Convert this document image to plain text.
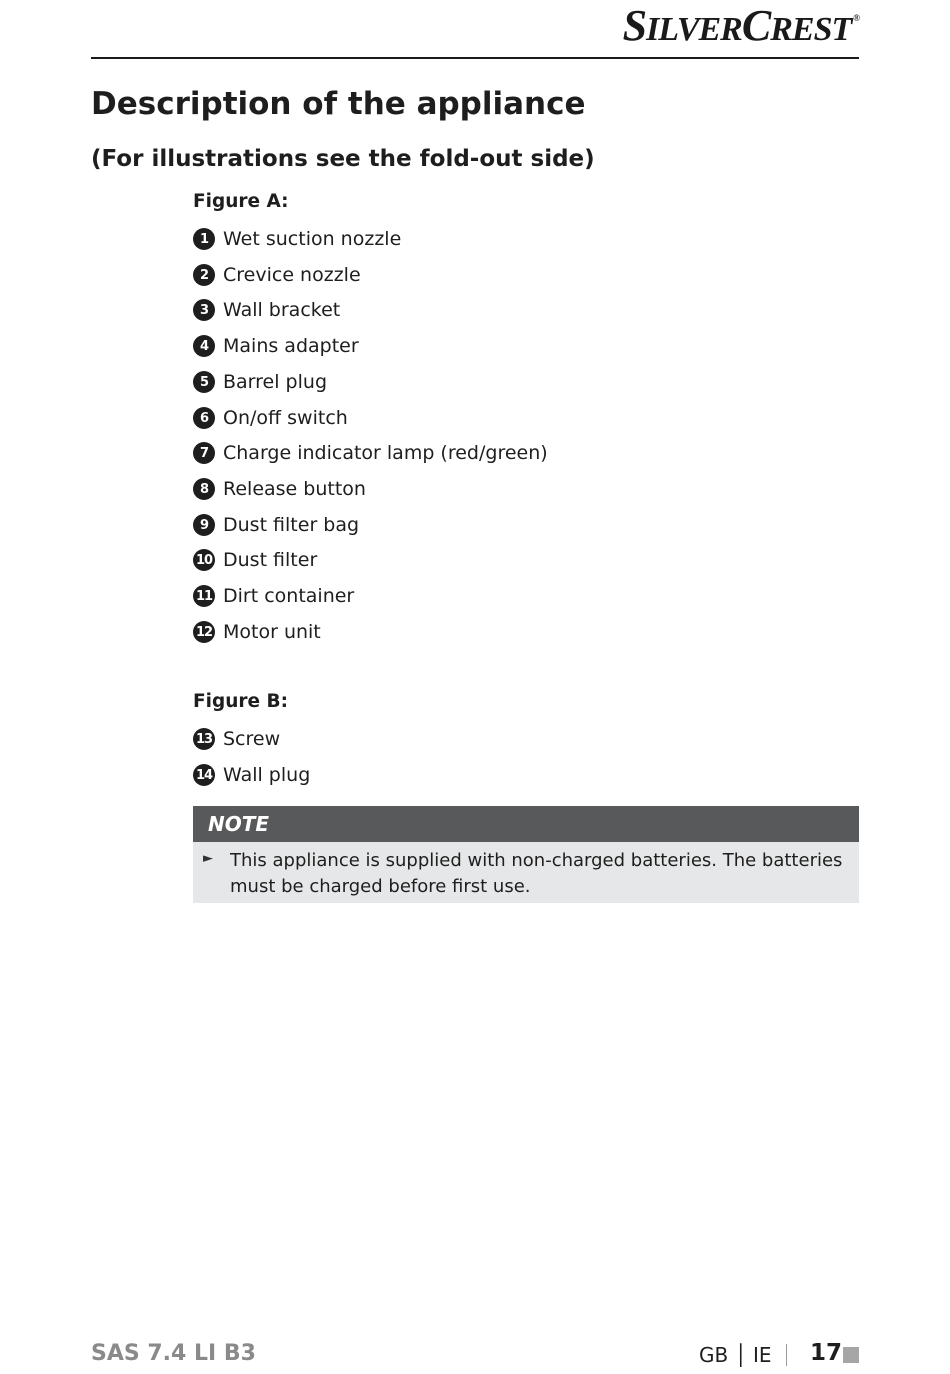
SILVERCREST ®
Description of the appliance
(For illustrations see the fold-out side)
Figure A:
1 Wet suction nozzle
2 Crevice nozzle
3 Wall bracket
4 Mains adapter
5 Barrel plug
6 On/off switch
7 Charge indicator lamp (red/green)
8 Release button
9 Dust filter bag
10 Dust filter
11 Dirt container
12 Motor unit
Figure B:
13 Screw
14 Wall plug
NOTE
► This appliance is supplied with non-charged batteries. The batteries must be charged before first use.
SAS 7.4 LI B3	GB │ IE 17
